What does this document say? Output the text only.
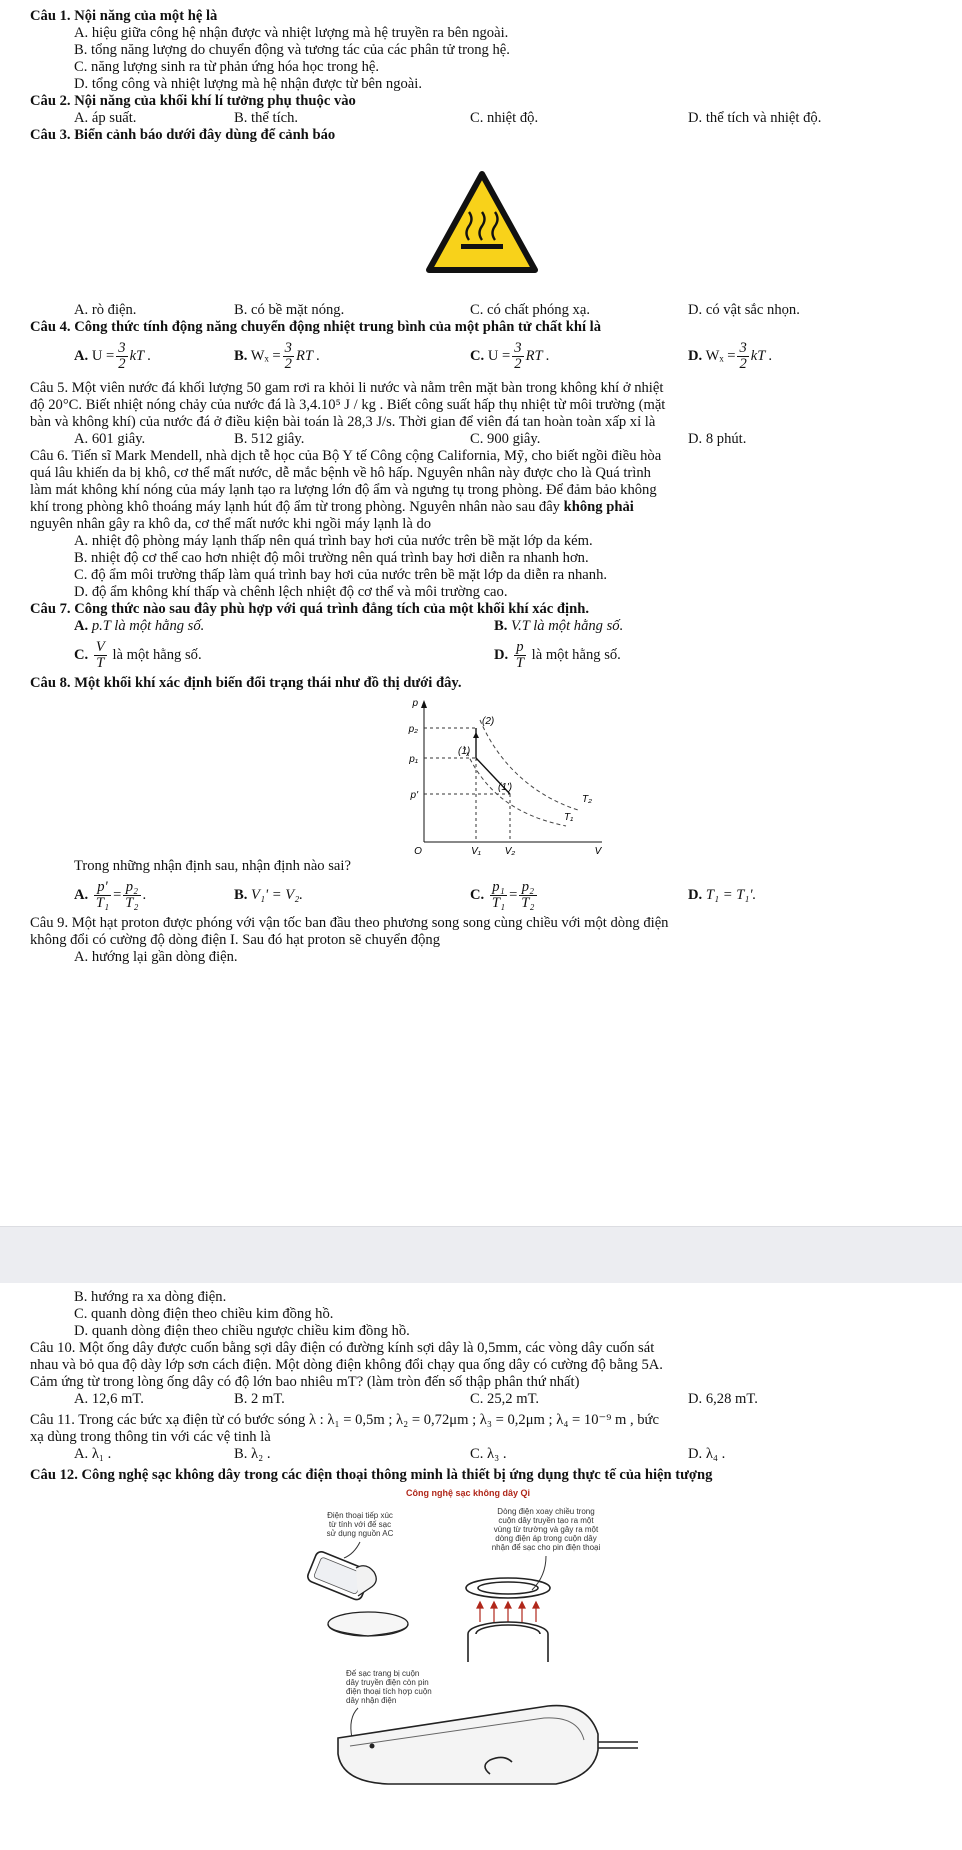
Câu 1. Nội năng của một hệ là

A. hiệu giữa công hệ nhận được và nhiệt lượng mà hệ truyền ra bên ngoài.
B. tổng năng lượng do chuyển động và tương tác của các phân tử trong hệ.
C. năng lượng sinh ra từ phản ứng hóa học trong hệ.
D. tổng công và nhiệt lượng mà hệ nhận được từ bên ngoài.

Câu 2. Nội năng của khối khí lí tưởng phụ thuộc vào

A. áp suất.	B. thể tích.	C. nhiệt độ.	D. thể tích và nhiệt độ.

Câu 3. Biển cảnh báo dưới đây dùng để cảnh báo

A. rò điện.	B. có bề mặt nóng.	C. có chất phóng xạ.	D. có vật sắc nhọn.

Câu 4. Công thức tính động năng chuyển động nhiệt trung bình của một phân tử chất khí là

A. $U = \frac{3}{2}$ kT .	B. $W_x = \frac{3}{2}$ RT .	C. $U = \frac{3}{2}$ RT .	D. $W_x = \frac{3}{2}$ kT .
Câu 5. Một viên nước đá khối lượng 50 gam rơi ra khỏi li nước và nằm trên mặt bàn trong không khí ở nhiệt
độ 20°C. Biết nhiệt nóng chảy của nước đá là 3,4.10⁵ J / kg . Biết công suất hấp thụ nhiệt từ môi trường (mặt
bàn và không khí) của nước đá ở điều kiện bài toán là 28,3 J/s. Thời gian để viên đá tan hoàn toàn xấp xỉ là
A. 601 giây.	B. 512 giây.	C. 900 giây.	D. 8 phút.
Câu 6. Tiến sĩ Mark Mendell, nhà dịch tễ học của Bộ Y tế Công cộng California, Mỹ, cho biết ngồi điều hòa
quá lâu khiến da bị khô, cơ thể mất nước, dễ mắc bệnh về hô hấp. Nguyên nhân này được cho là Quá trình
làm mát không khí nóng của máy lạnh tạo ra lượng lớn độ ẩm và ngưng tụ trong phòng. Để đảm bảo không
khí trong phòng khô thoáng máy lạnh hút độ ẩm từ trong phòng. Nguyên nhân nào sau đây không phải
nguyên nhân gây ra khô da, cơ thể mất nước khi ngồi máy lạnh là do
A. nhiệt độ phòng máy lạnh thấp nên quá trình bay hơi của nước trên bề mặt lớp da kém.
B. nhiệt độ cơ thể cao hơn nhiệt độ môi trường nên quá trình bay hơi diễn ra nhanh hơn.
C. độ ẩm môi trường thấp làm quá trình bay hơi của nước trên bề mặt lớp da diễn ra nhanh.
D. độ ẩm không khí thấp và chênh lệch nhiệt độ cơ thể và môi trường cao.

Câu 7. Công thức nào sau đây phù hợp với quá trình đẳng tích của một khối khí xác định.

A. p.T là một hằng số.	B. V.T là một hằng số.
C. $\frac{V}{T}$ là một hằng số.	D. $\frac{p}{T}$ là một hằng số.

Câu 8. Một khối khí xác định biến đổi trạng thái như đồ thị dưới đây.

p
V
O
p₂
p₁
p'
V₁ V₂
(2)
(1)
(1')
T₂
T₁
Trong những nhận định sau, nhận định nào sai?
A. $\frac{p'}{\text{T₁}} = \frac{\text{p₂}}{\text{T₂}}$ .	B. V₁' = V₂.	C. $\frac{\text{p₁}}{\text{T₁}} = \frac{\text{p₂}}{\text{T₂}}$	D. T₁ = T₁'.
Câu 9. Một hạt proton được phóng với vận tốc ban đầu theo phương song song cùng chiều với một dòng điện
không đổi có cường độ dòng điện I. Sau đó hạt proton sẽ chuyển động
A. hướng lại gần dòng điện.
B. hướng ra xa dòng điện.
C. quanh dòng điện theo chiều kim đồng hồ.
D. quanh dòng điện theo chiều ngược chiều kim đồng hồ.
Câu 10. Một ống dây được cuốn bằng sợi dây điện có đường kính sợi dây là 0,5mm, các vòng dây cuốn sát
nhau và bỏ qua độ dày lớp sơn cách điện. Một dòng điện không đổi chạy qua ống dây có cường độ bằng 5A.
Cảm ứng từ trong lòng ống dây có độ lớn bao nhiêu mT? (làm tròn đến số thập phân thứ nhất)
A. 12,6 mT.	B. 2 mT.	C. 25,2 mT.	D. 6,28 mT.
Câu 11. Trong các bức xạ điện từ có bước sóng λ : λ₁ = 0,5m ; λ₂ = 0,72μm ; λ₃ = 0,2μm ; λ₄ = 10⁻⁹ m , bức
xạ dùng trong thông tin với các vệ tinh là
A. λ₁ .	B. λ₂ .	C. λ₃ .	D. λ₄ .

Câu 12. Công nghệ sạc không dây trong các điện thoại thông minh là thiết bị ứng dụng thực tế của hiện tượng

Công nghệ sạc không dây Qi
Điện thoại tiếp xúc
từ tính với đế sạc
sử dụng nguồn AC
Dòng điện xoay chiều trong
cuộn dây truyền tạo ra một
vùng từ trường và gây ra một
dòng điện áp trong cuộn dây
nhận để sạc cho pin điện thoại
Đế sạc trang bị cuộn
dây truyền điện còn pin
điện thoại tích hợp cuộn
dây nhận điện
